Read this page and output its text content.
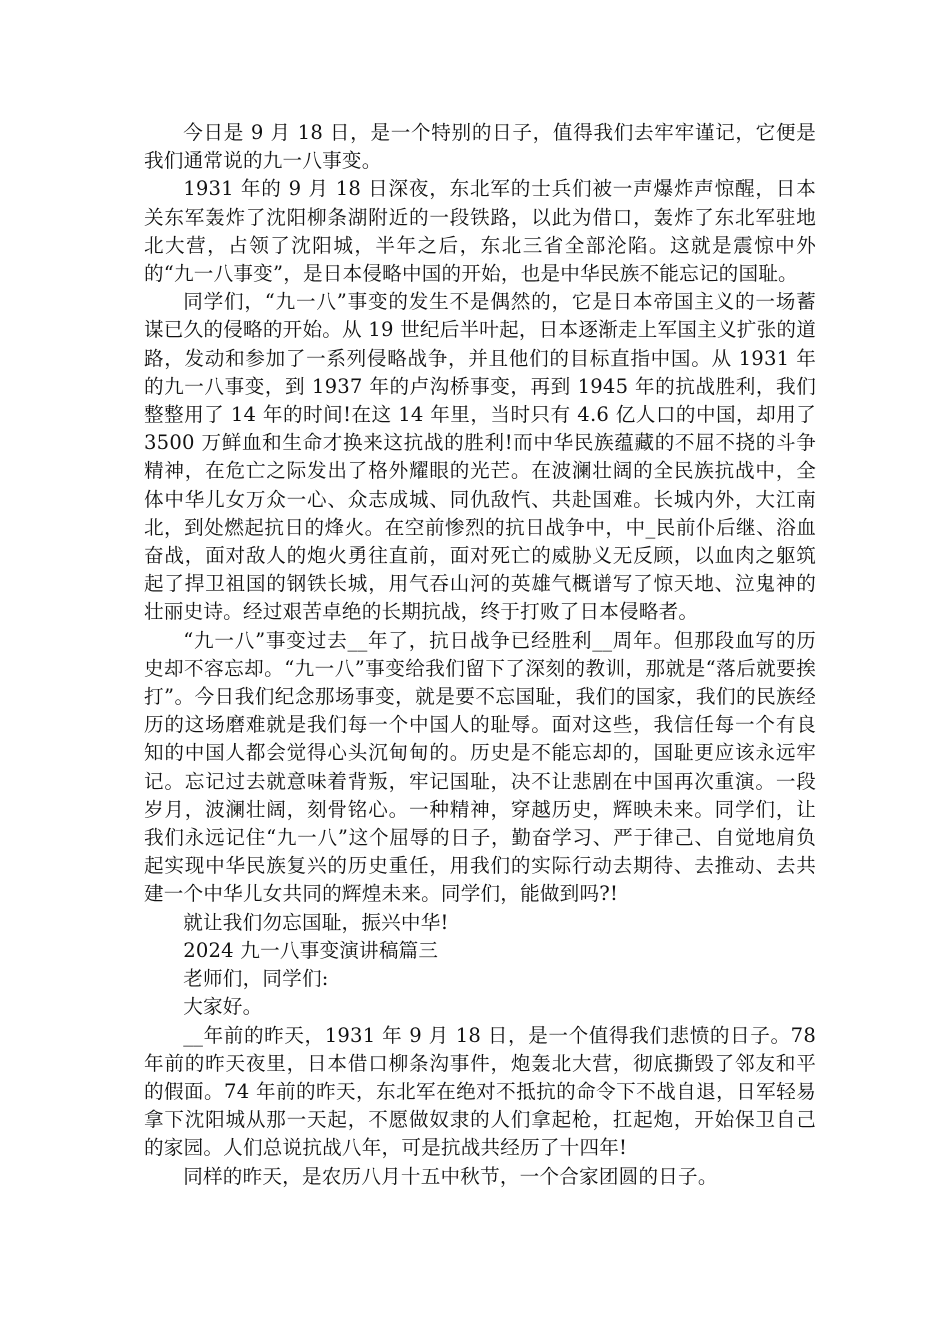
今日是 9 月 18 日，是一个特别的日子，值得我们去牢牢谨记，它便是我们通常说的九一八事变。

1931 年的 9 月 18 日深夜，东北军的士兵们被一声爆炸声惊醒，日本关东军轰炸了沈阳柳条湖附近的一段铁路，以此为借口，轰炸了东北军驻地北大营，占领了沈阳城，半年之后，东北三省全部沦陷。这就是震惊中外的“九一八事变”，是日本侵略中国的开始，也是中华民族不能忘记的国耻。

同学们，“九一八”事变的发生不是偶然的，它是日本帝国主义的一场蓄谋已久的侵略的开始。从 19 世纪后半叶起，日本逐渐走上军国主义扩张的道路，发动和参加了一系列侵略战争，并且他们的目标直指中国。从 1931 年的九一八事变，到 1937 年的卢沟桥事变，再到 1945 年的抗战胜利，我们整整用了 14 年的时间!在这 14 年里，当时只有 4.6 亿人口的中国，却用了 3500 万鲜血和生命才换来这抗战的胜利!而中华民族蕴藏的不屈不挠的斗争精神，在危亡之际发出了格外耀眼的光芒。在波澜壮阔的全民族抗战中，全体中华儿女万众一心、众志成城、同仇敌忾、共赴国难。长城内外，大江南北，到处燃起抗日的烽火。在空前惨烈的抗日战争中，中_民前仆后继、浴血奋战，面对敌人的炮火勇往直前，面对死亡的威胁义无反顾，以血肉之躯筑起了捍卫祖国的钢铁长城，用气吞山河的英雄气概谱写了惊天地、泣鬼神的壮丽史诗。经过艰苦卓绝的长期抗战，终于打败了日本侵略者。

“九一八”事变过去__年了，抗日战争已经胜利__周年。但那段血写的历史却不容忘却。“九一八”事变给我们留下了深刻的教训，那就是“落后就要挨打”。今日我们纪念那场事变，就是要不忘国耻，我们的国家，我们的民族经历的这场磨难就是我们每一个中国人的耻辱。面对这些，我信任每一个有良知的中国人都会觉得心头沉甸甸的。历史是不能忘却的，国耻更应该永远牢记。忘记过去就意味着背叛，牢记国耻，决不让悲剧在中国再次重演。一段岁月，波澜壮阔，刻骨铭心。一种精神，穿越历史，辉映未来。同学们，让我们永远记住“九一八”这个屈辱的日子，勤奋学习、严于律己、自觉地肩负起实现中华民族复兴的历史重任，用我们的实际行动去期待、去推动、去共建一个中华儿女共同的辉煌未来。同学们，能做到吗?!

就让我们勿忘国耻，振兴中华!

2024 九一八事变演讲稿篇三

老师们，同学们:

大家好。

__年前的昨天，1931 年 9 月 18 日，是一个值得我们悲愤的日子。78 年前的昨天夜里，日本借口柳条沟事件，炮轰北大营，彻底撕毁了邻友和平的假面。74 年前的昨天，东北军在绝对不抵抗的命令下不战自退，日军轻易拿下沈阳城从那一天起，不愿做奴隶的人们拿起枪，扛起炮，开始保卫自己的家园。人们总说抗战八年，可是抗战共经历了十四年!

同样的昨天，是农历八月十五中秋节，一个合家团圆的日子。
